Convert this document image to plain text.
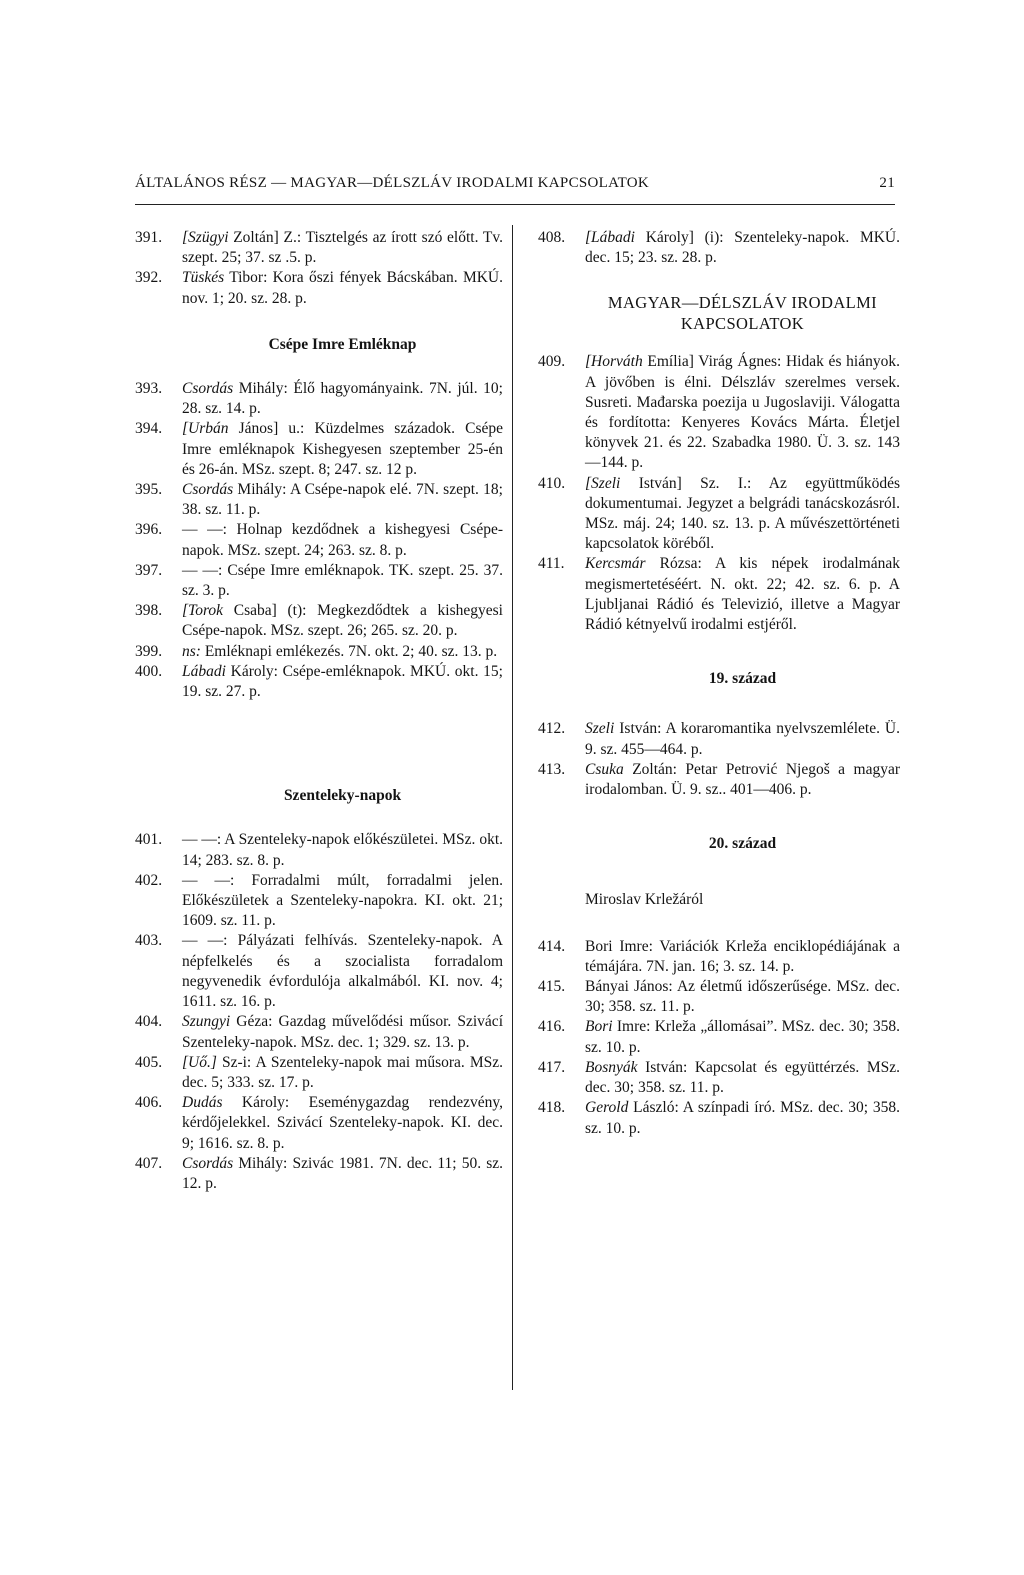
ÁLTALÁNOS RÉSZ — MAGYAR—DÉLSZLÁV IRODALMI KAPCSOLATOK	21
391. [Szügyi Zoltán] Z.: Tisztelgés az írott szó előtt. Tv. szept. 25; 37. sz .5. p.
392. Tüskés Tibor: Kora őszi fények Bácskában. MKÚ. nov. 1; 20. sz. 28. p.
Csépe Imre Emléknap
393. Csordás Mihály: Élő hagyományaink. 7N. júl. 10; 28. sz. 14. p.
394. [Urbán János] u.: Küzdelmes századok. Csépe Imre emléknapok Kishegyesen szeptember 25-én és 26-án. MSz. szept. 8; 247. sz. 12 p.
395. Csordás Mihály: A Csépe-napok elé. 7N. szept. 18; 38. sz. 11. p.
396. — —: Holnap kezdődnek a kishegyesi Csépe-napok. MSz. szept. 24; 263. sz. 8. p.
397. — —: Csépe Imre emléknapok. TK. szept. 25. 37. sz. 3. p.
398. [Torok Csaba] (t): Megkezdődtek a kishegyesi Csépe-napok. MSz. szept. 26; 265. sz. 20. p.
399. ns: Emléknapi emlékezés. 7N. okt. 2; 40. sz. 13. p.
400. Lábadi Károly: Csépe-emléknapok. MKÚ. okt. 15; 19. sz. 27. p.
Szenteleky-napok
401. — —: A Szenteleky-napok előkészületei. MSz. okt. 14; 283. sz. 8. p.
402. — —: Forradalmi múlt, forradalmi jelen. Előkészületek a Szenteleky-napokra. KI. okt. 21; 1609. sz. 11. p.
403. — —: Pályázati felhívás. Szenteleky-napok. A népfelkelés és a szocialista forradalom negyvenedik évfordulója alkalmából. KI. nov. 4; 1611. sz. 16. p.
404. Szungyi Géza: Gazdag művelődési műsor. Szivácí Szenteleky-napok. MSz. dec. 1; 329. sz. 13. p.
405. [Uő.] Sz-i: A Szenteleky-napok mai műsora. MSz. dec. 5; 333. sz. 17. p.
406. Dudás Károly: Eseménygazdag rendezvény, kérdőjelekkel. Szivácí Szenteleky-napok. KI. dec. 9; 1616. sz. 8. p.
407. Csordás Mihály: Szivác 1981. 7N. dec. 11; 50. sz. 12. p.
408. [Lábadi Károly] (i): Szenteleky-napok. MKÚ. dec. 15; 23. sz. 28. p.
MAGYAR—DÉLSZLÁV IRODALMI KAPCSOLATOK
409. [Horváth Emília] Virág Ágnes: Hidak és hiányok. A jövőben is élni. Délszláv szerelmes versek. Susreti. Mađarska poezija u Jugoslaviji. Válogatta és fordította: Kenyeres Kovács Márta. Életjel könyvek 21. és 22. Szabadka 1980. Ü. 3. sz. 143—144. p.
410. [Szeli István] Sz. I.: Az együttműködés dokumentumai. Jegyzet a belgrádi tanácskozásról. MSz. máj. 24; 140. sz. 13. p. A művészettörténeti kapcsolatok köréből.
411. Kercsmár Rózsa: A kis népek irodalmának megismertetéséért. N. okt. 22; 42. sz. 6. p. A Ljubljanai Rádió és Televizió, illetve a Magyar Rádió kétnyelvű irodalmi estjéről.
19. század
412. Szeli István: A koraromantika nyelvszemlélete. Ü. 9. sz. 455—464. p.
413. Csuka Zoltán: Petar Petrović Njegoš a magyar irodalomban. Ü. 9. sz.. 401—406. p.
20. század
Miroslav Krležáról
414. Bori Imre: Variációk Krleža enciklopédiájának a témájára. 7N. jan. 16; 3. sz. 14. p.
415. Bányai János: Az életmű időszerűsége. MSz. dec. 30; 358. sz. 11. p.
416. Bori Imre: Krleža „állomásai”. MSz. dec. 30; 358. sz. 10. p.
417. Bosnyák István: Kapcsolat és együttérzés. MSz. dec. 30; 358. sz. 11. p.
418. Gerold László: A színpadi író. MSz. dec. 30; 358. sz. 10. p.
